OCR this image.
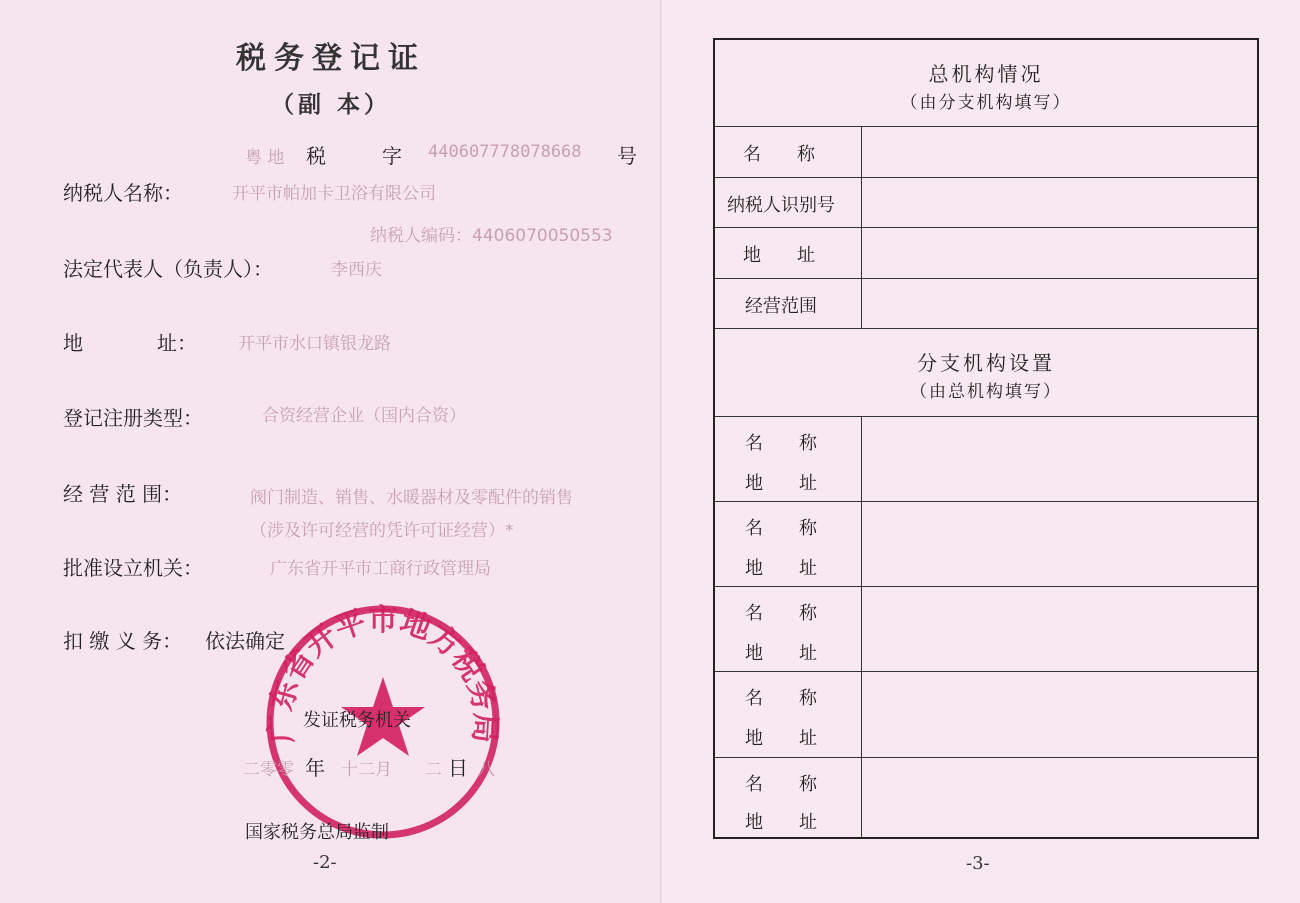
税务登记证
（副 本）
粤 地 税	字 440607778078668 号
纳税人名称：	开平市帕加卡卫浴有限公司
纳税人编码：4406070050553
法定代表人（负责人）：	李西庆
地	址： 开平市水口镇银龙路
登记注册类型：	合资经营企业（国内合资）
经 营 范 围：	阀门制造、销售、水暖器材及零配件的销售
（涉及许可经营的凭许可证经营）*
批准设立机关：	广东省开平市工商行政管理局
扣 缴 义 务： 依法确定
广东省开平市地方税务局
发证税务机关
二零零 年 十二月 二 日 八
国家税务总局监制
-2-
总机构情况
（由分支机构填写）
名　　称
纳税人识别号
地　　址
经营范围
分支机构设置
（由总机构填写）
名　　称
地　　址
名　　称
地　　址
名　　称
地　　址
名　　称
地　　址
名　　称
地　　址
-3-
